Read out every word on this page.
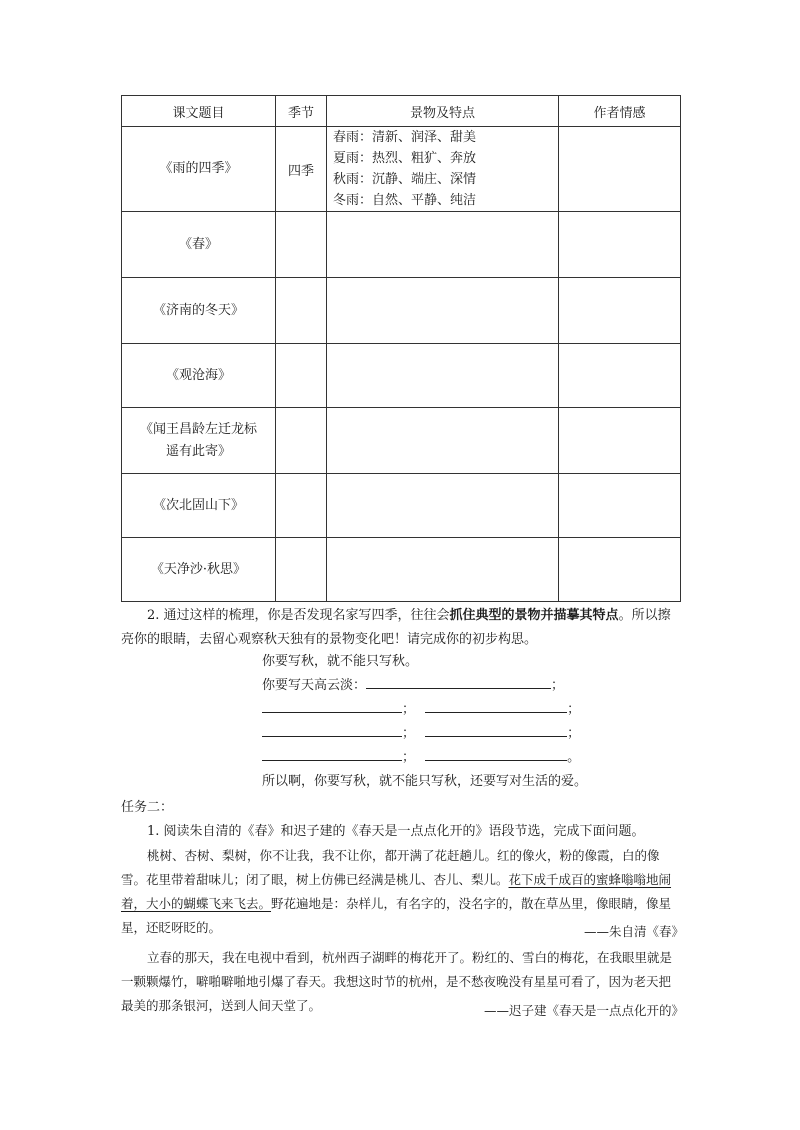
课文题目	季节	景物及特点	作者情感
《雨的四季》	四季	春雨：清新、润泽、甜美
夏雨：热烈、粗犷、奔放
秋雨：沉静、端庄、深情
冬雨：自然、平静、纯洁	

《春》			
《济南的冬天》			
《观沧海》			

《闻王昌龄左迁龙标
遥有此寄》			

《次北固山下》			
《天净沙·秋思》			

2. 通过这样的梳理，你是否发现名家写四季，往往会抓住典型的景物并描摹其特点。所以擦亮你的眼睛，去留心观察秋天独有的景物变化吧！请完成你的初步构思。

你要写秋，就不能只写秋。
你要写天高云淡：	；
；	；
；	；
；	。
所以啊，你要写秋，就不能只写秋，还要写对生活的爱。
任务二：
1. 阅读朱自清的《春》和迟子建的《春天是一点点化开的》语段节选，完成下面问题。

桃树、杏树、梨树，你不让我，我不让你，都开满了花赶趟儿。红的像火，粉的像霞，白的像雪。花里带着甜味儿；闭了眼，树上仿佛已经满是桃儿、杏儿、梨儿。花下成千成百的蜜蜂嗡嗡地闹着，大小的蝴蝶飞来飞去。野花遍地是：杂样儿，有名字的，没名字的，散在草丛里，像眼睛，像星星，还眨呀眨的。	——朱自清《春》

立春的那天，我在电视中看到，杭州西子湖畔的梅花开了。粉红的、雪白的梅花，在我眼里就是一颗颗爆竹，噼啪噼啪地引爆了春天。我想这时节的杭州，是不愁夜晚没有星星可看了，因为老天把最美的那条银河，送到人间天堂了。	——迟子建《春天是一点点化开的》
